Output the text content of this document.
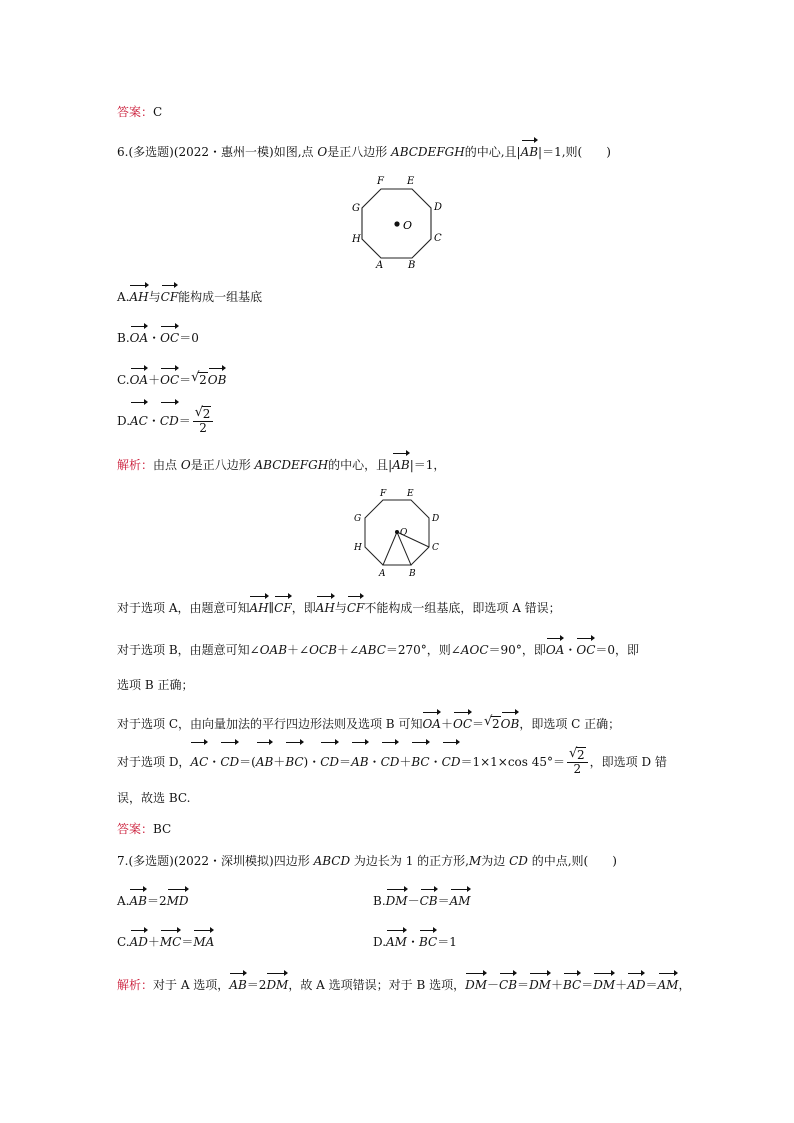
答案：C
6.(多选题)(2022・惠州一模)如图,点 O是正八边形 ABCDEFGH的中心,且|AB|＝1,则(　　)
O
F E
D
C
B
A
H
G
A.AH与CF能构成一组基底
B.OA・OC＝0
C.OA＋OC＝ √ 2OB
D.AC・$CD= \frac{√ 2}{2}$
解析：由点 O是正八边形 ABCDEFGH的中心，且|AB|＝1，
O
F E
D
C
B
A
H
G
对于选项 A，由题意可知AH∥CF，即AH与CF不能构成一组基底，即选项 A 错误；
对于选项 B，由题意可知∠OAB＋∠OCB＋∠ABC＝270°，则∠AOC＝90°，即OA・OC＝0，即
选项 B 正确；
对于选项 C，由向量加法的平行四边形法则及选项 B 可知OA＋OC＝ √ 2OB，即选项 C 正确；
对于选项 D，AC・CD＝(AB＋BC)・CD＝AB・CD＋BC・CD＝1×1×cos $45^\circ= \frac{√ 2}{2}$ ，即选项 D 错
误，故选 BC.
答案：BC
7.(多选题)(2022・深圳模拟)四边形 ABCD 为边长为 1 的正方形,M为边 CD 的中点,则(　　)
A.AB＝2MD	B.DM－CB＝AM
C.AD＋MC＝MA	D.AM・BC＝1
解析：对于 A 选项，AB＝2DM，故 A 选项错误；对于 B 选项，DM－CB＝DM＋BC＝DM＋AD＝AM，
